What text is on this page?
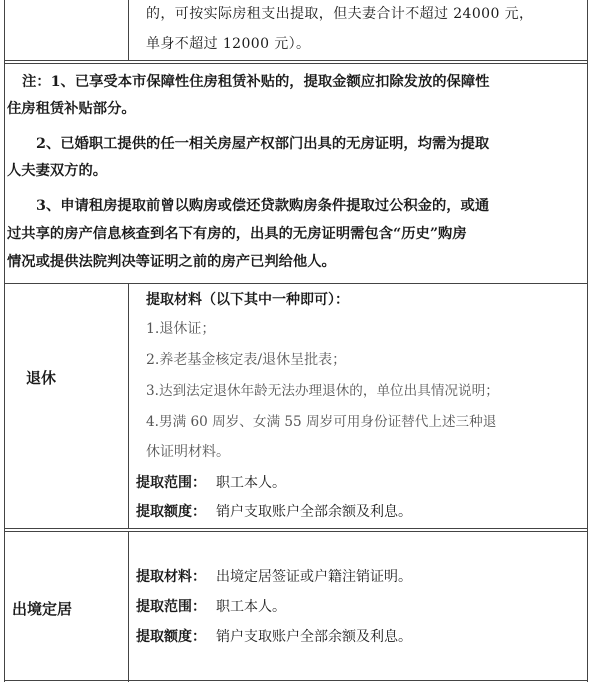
的，可按实际房租支出提取，但夫妻合计不超过 24000 元，
单身不超过 12000 元）。
注：1、已享受本市保障性住房租赁补贴的，提取金额应扣除发放的保障性
住房租赁补贴部分。
2、已婚职工提供的任一相关房屋产权部门出具的无房证明，均需为提取
人夫妻双方的。
3、申请租房提取前曾以购房或偿还贷款购房条件提取过公积金的，或通
过共享的房产信息核查到名下有房的，出具的无房证明需包含“历史”购房
情况或提供法院判决等证明之前的房产已判给他人。
退休
提取材料（以下其中一种即可）：
1.退休证；
2.养老基金核定表/退休呈批表；
3.达到法定退休年龄无法办理退休的，单位出具情况说明；
4.男满 60 周岁、女满 55 周岁可用身份证替代上述三种退
休证明材料。
提取范围： 职工本人。
提取额度： 销户支取账户全部余额及利息。
出境定居
提取材料： 出境定居签证或户籍注销证明。
提取范围： 职工本人。
提取额度： 销户支取账户全部余额及利息。
